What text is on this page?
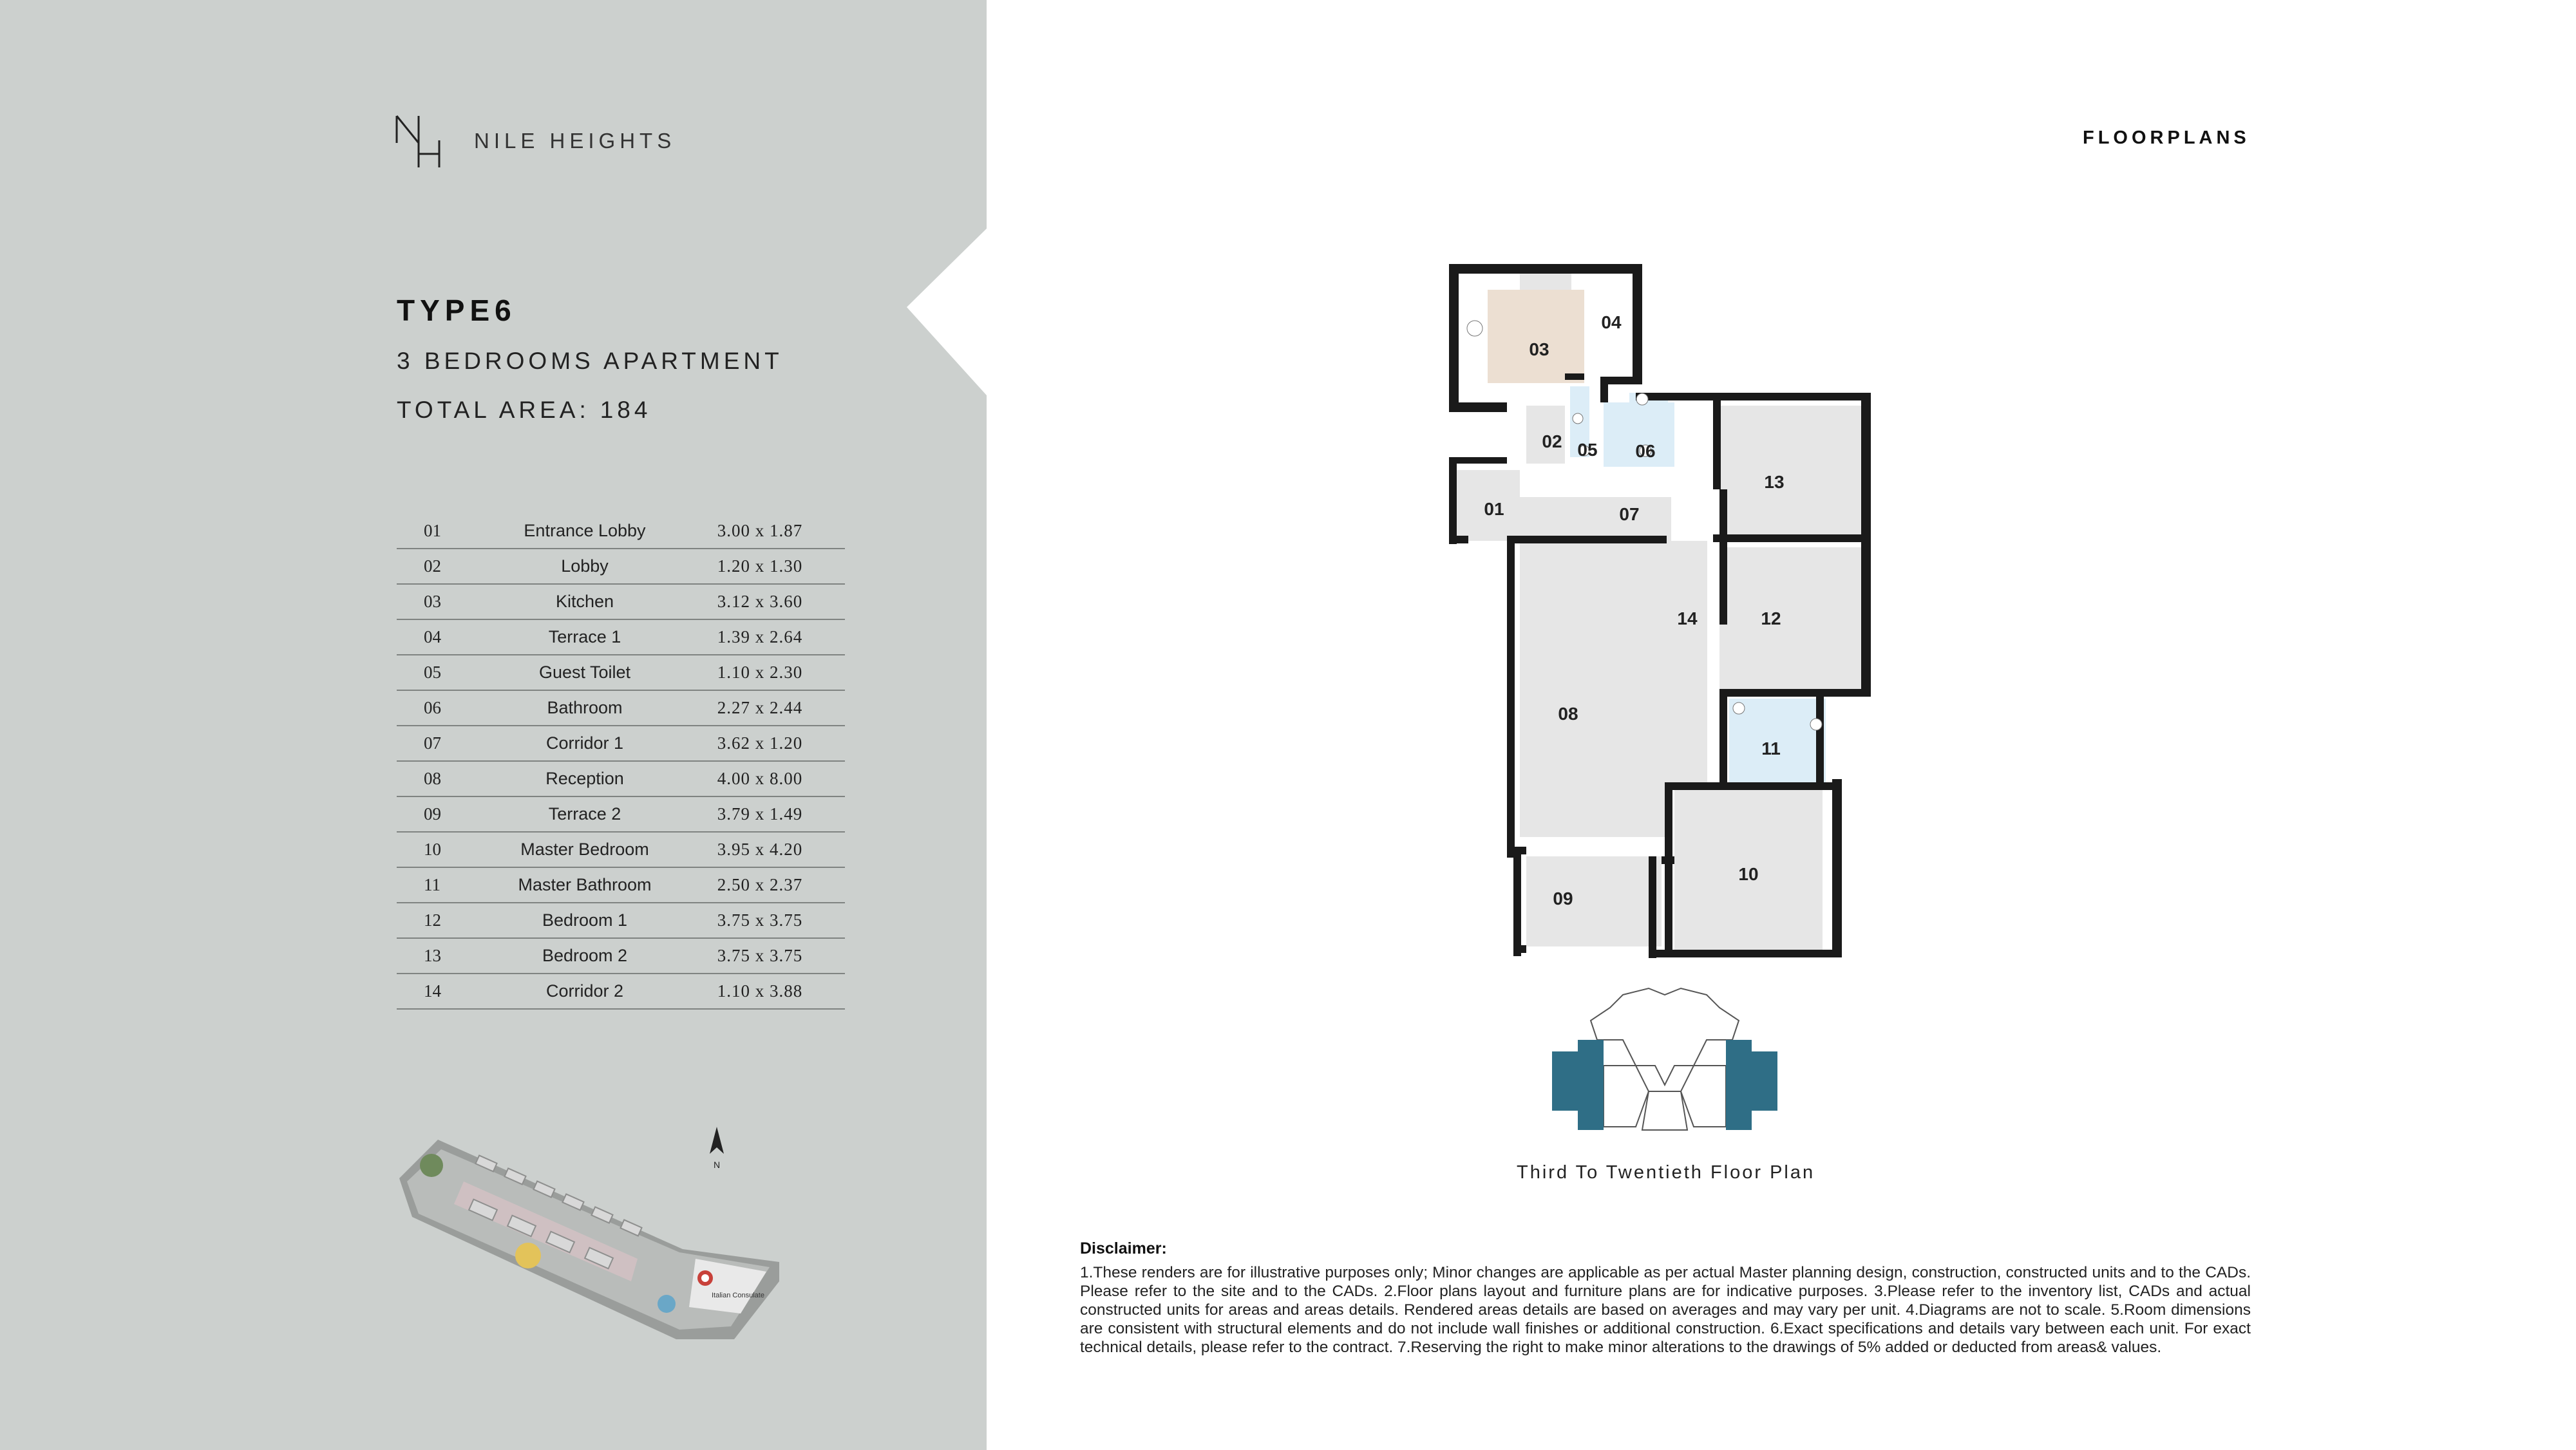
NILE HEIGHTS
TYPE6
3 BEDROOMS APARTMENT
TOTAL AREA: 184
01	Entrance Lobby	3.00 x 1.87
02	Lobby	1.20 x 1.30
03	Kitchen	3.12 x 3.60
04	Terrace 1	1.39 x 2.64
05	Guest Toilet	1.10 x 2.30
06	Bathroom	2.27 x 2.44
07	Corridor 1	3.62 x 1.20
08	Reception	4.00 x 8.00
09	Terrace 2	3.79 x 1.49
10	Master Bedroom	3.95 x 4.20
11	Master Bathroom	2.50 x 2.37
12	Bedroom 1	3.75 x 3.75
13	Bedroom 2	3.75 x 3.75
14	Corridor 2	1.10 x 3.88
Italian Consulate
N
FLOORPLANS
03
04
02 05 06
13
01	07
14	12
08
11
10
09
Third To Twentieth Floor Plan
Disclaimer:
1.These renders are for illustrative purposes only; Minor changes are applicable as per actual Master planning design, construction, constructed units and to the CADs. Please refer to the site and to the CADs. 2.Floor plans layout and furniture plans are for indicative purposes. 3.Please refer to the inventory list, CADs and actual constructed units for areas and areas details. Rendered areas details are based on averages and may vary per unit. 4.Diagrams are not to scale. 5.Room dimensions are consistent with structural elements and do not include wall finishes or additional construction. 6.Exact specifications and details vary between each unit. For exact technical details, please refer to the contract. 7.Reserving the right to make minor alterations to the drawings of 5% added or deducted from areas& values.
